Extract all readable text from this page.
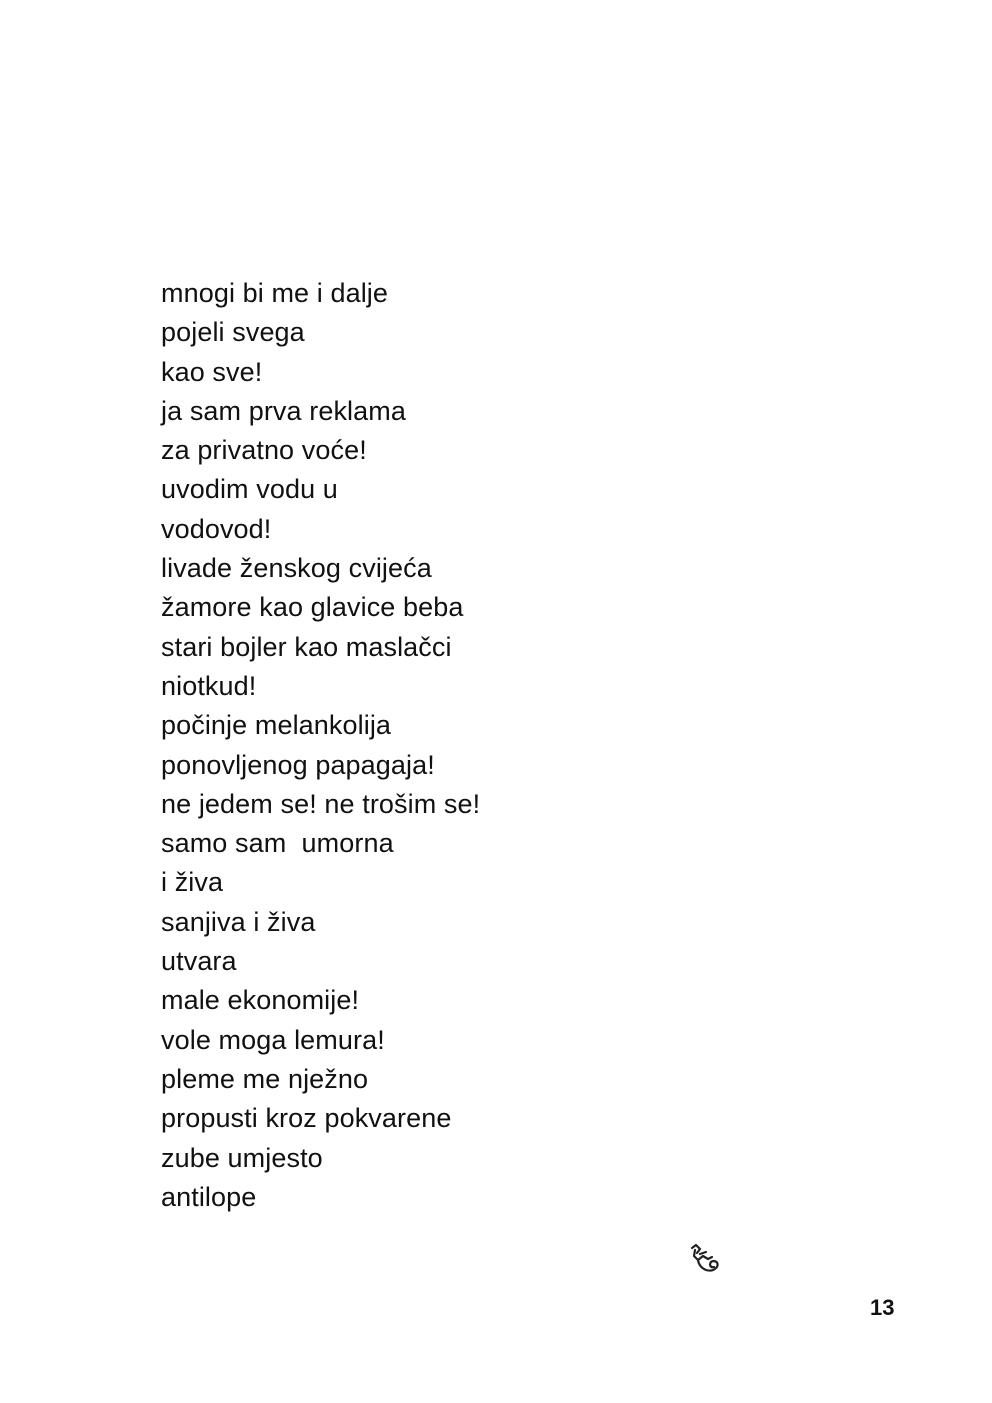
mnogi bi me i dalje
pojeli svega
kao sve!
ja sam prva reklama
za privatno voće!
uvodim vodu u
vodovod!
livade ženskog cvijeća
žamore kao glavice beba
stari bojler kao maslačci
niotkud!
počinje melankolija
ponovljenog papagaja!
ne jedem se! ne trošim se!
samo sam  umorna
i živa
sanjiva i živa
utvara
male ekonomije!
vole moga lemura!
pleme me nježno
propusti kroz pokvarene
zube umjesto
antilope
13
